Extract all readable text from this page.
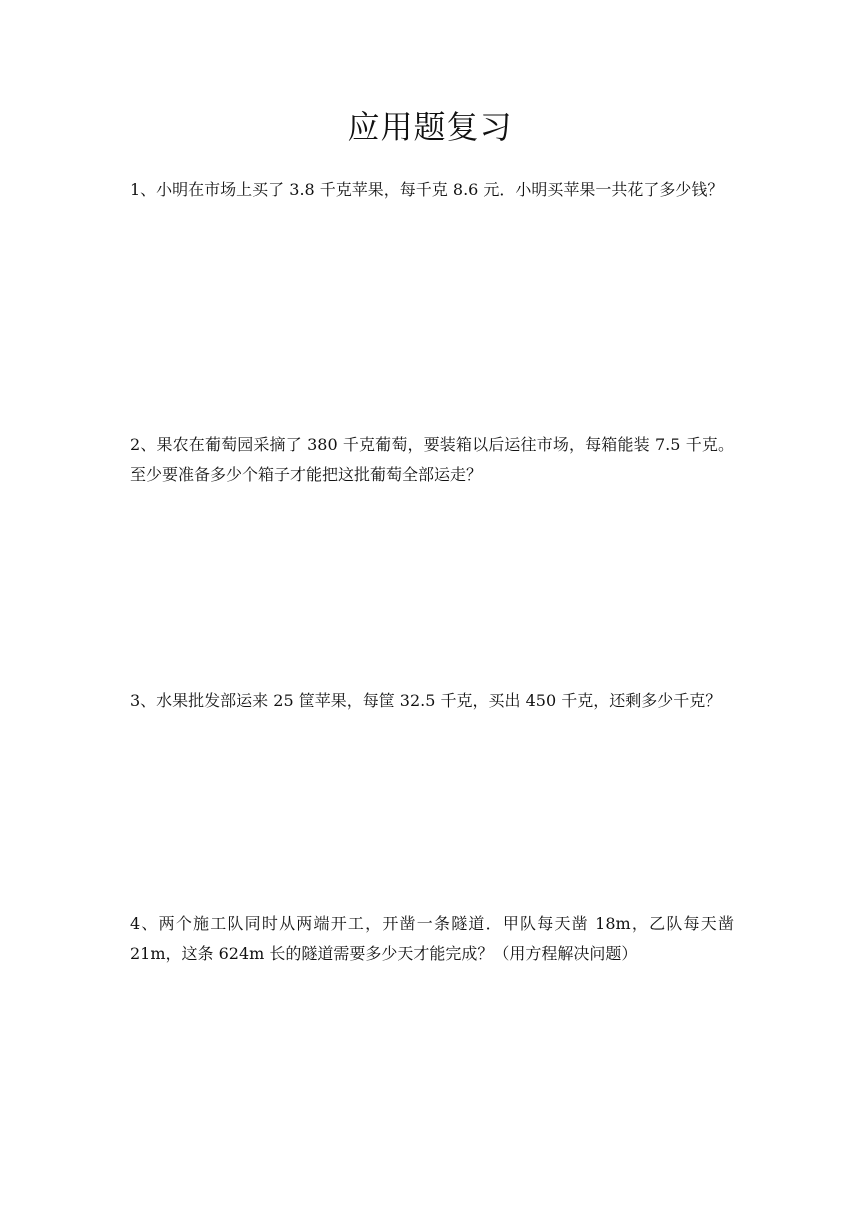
应用题复习
1、小明在市场上买了 3.8 千克苹果，每千克 8.6 元．小明买苹果一共花了多少钱？
2、果农在葡萄园采摘了 380 千克葡萄，要装箱以后运往市场，每箱能装 7.5 千克。至少要准备多少个箱子才能把这批葡萄全部运走？
3、水果批发部运来 25 筐苹果，每筐 32.5 千克，买出 450 千克，还剩多少千克？
4、两个施工队同时从两端开工，开凿一条隧道．甲队每天凿 18m，乙队每天凿 21m，这条 624m 长的隧道需要多少天才能完成？（用方程解决问题）
